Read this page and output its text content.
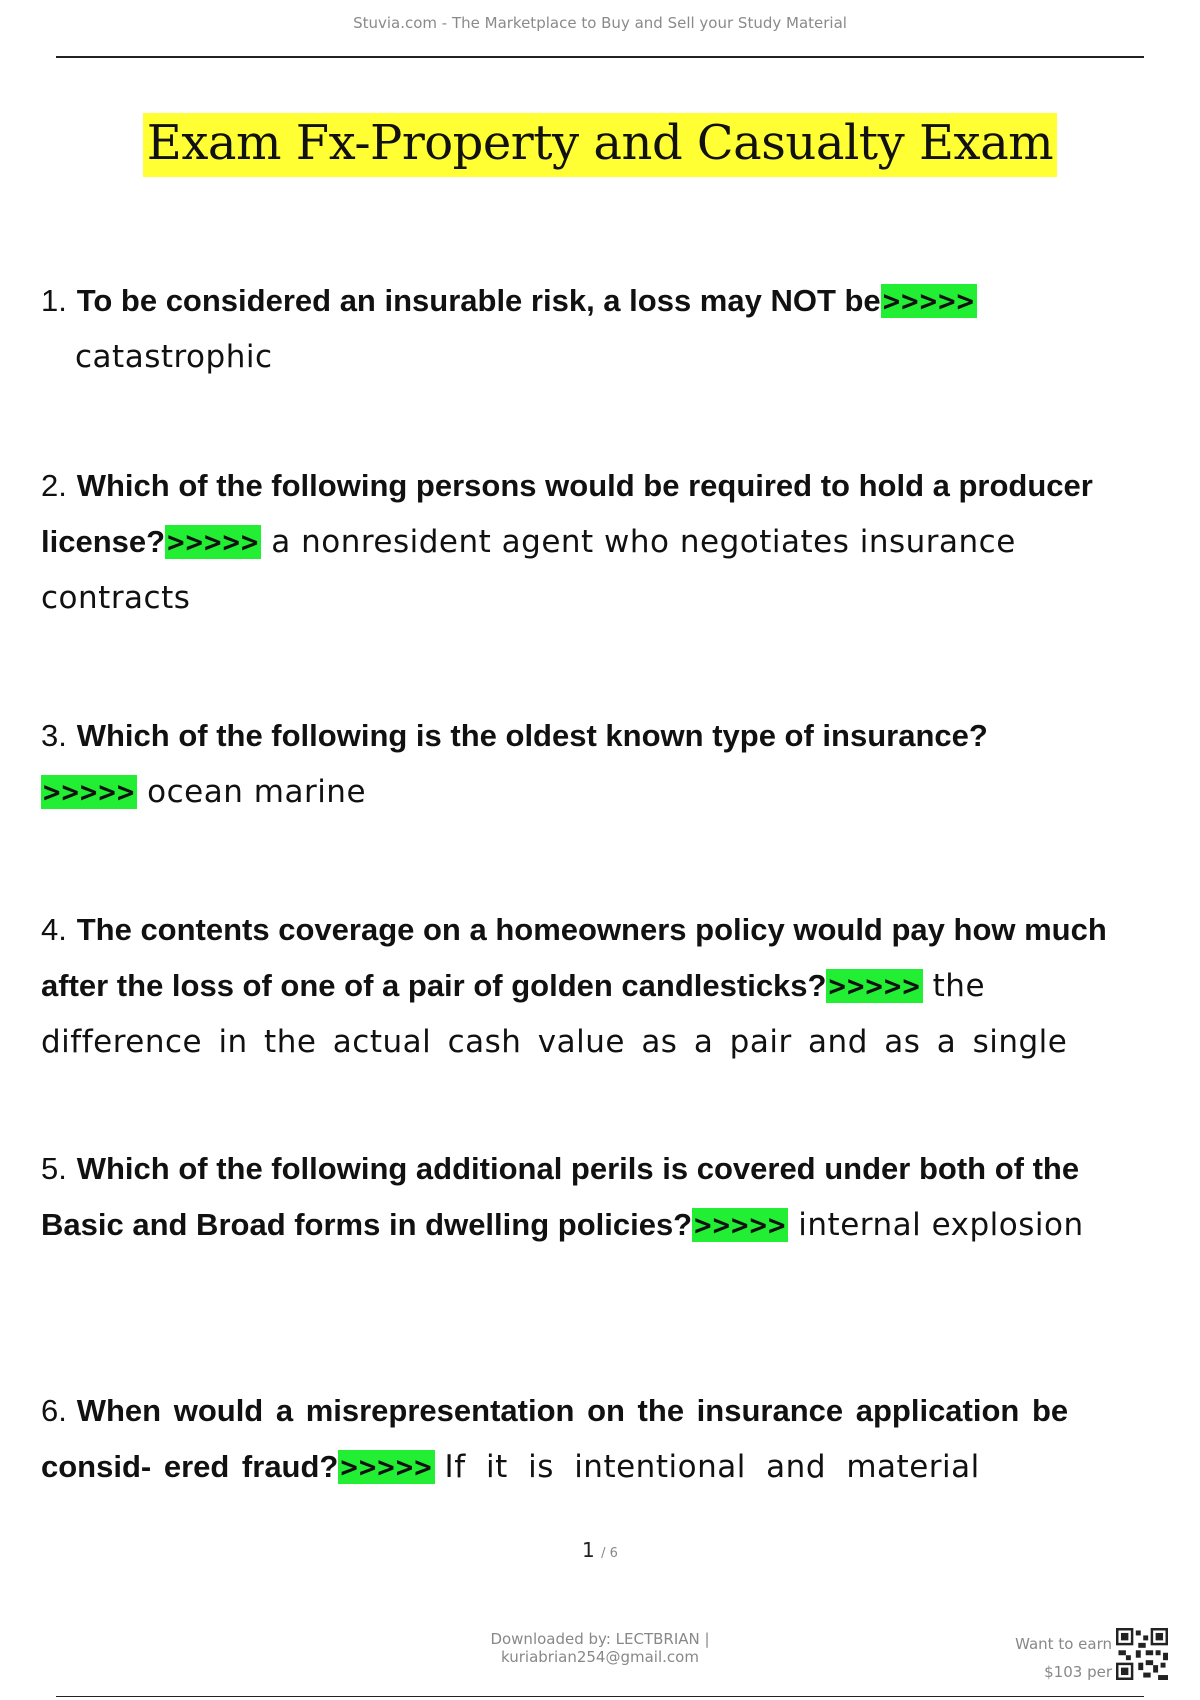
Stuvia.com - The Marketplace to Buy and Sell your Study Material
Exam Fx-Property and Casualty Exam
1. To be considered an insurable risk, a loss may NOT be>>>>>
catastrophic
2. Which of the following persons would be required to hold a producer license?>>>>> a nonresident agent who negotiates insurance contracts
3. Which of the following is the oldest known type of insurance?
>>>>> ocean marine
4. The contents coverage on a homeowners policy would pay how much after the loss of one of a pair of golden candlesticks?>>>>> the difference in the actual cash value as a pair and as a single
5. Which of the following additional perils is covered under both of the Basic and Broad forms in dwelling policies?>>>>> internal explosion
6. When would a misrepresentation on the insurance application be consid- ered fraud?>>>>> If it is intentional and material
1 / 6
Downloaded by: LECTBRIAN |
kuriabrian254@gmail.com
Want to earn
$103 per
